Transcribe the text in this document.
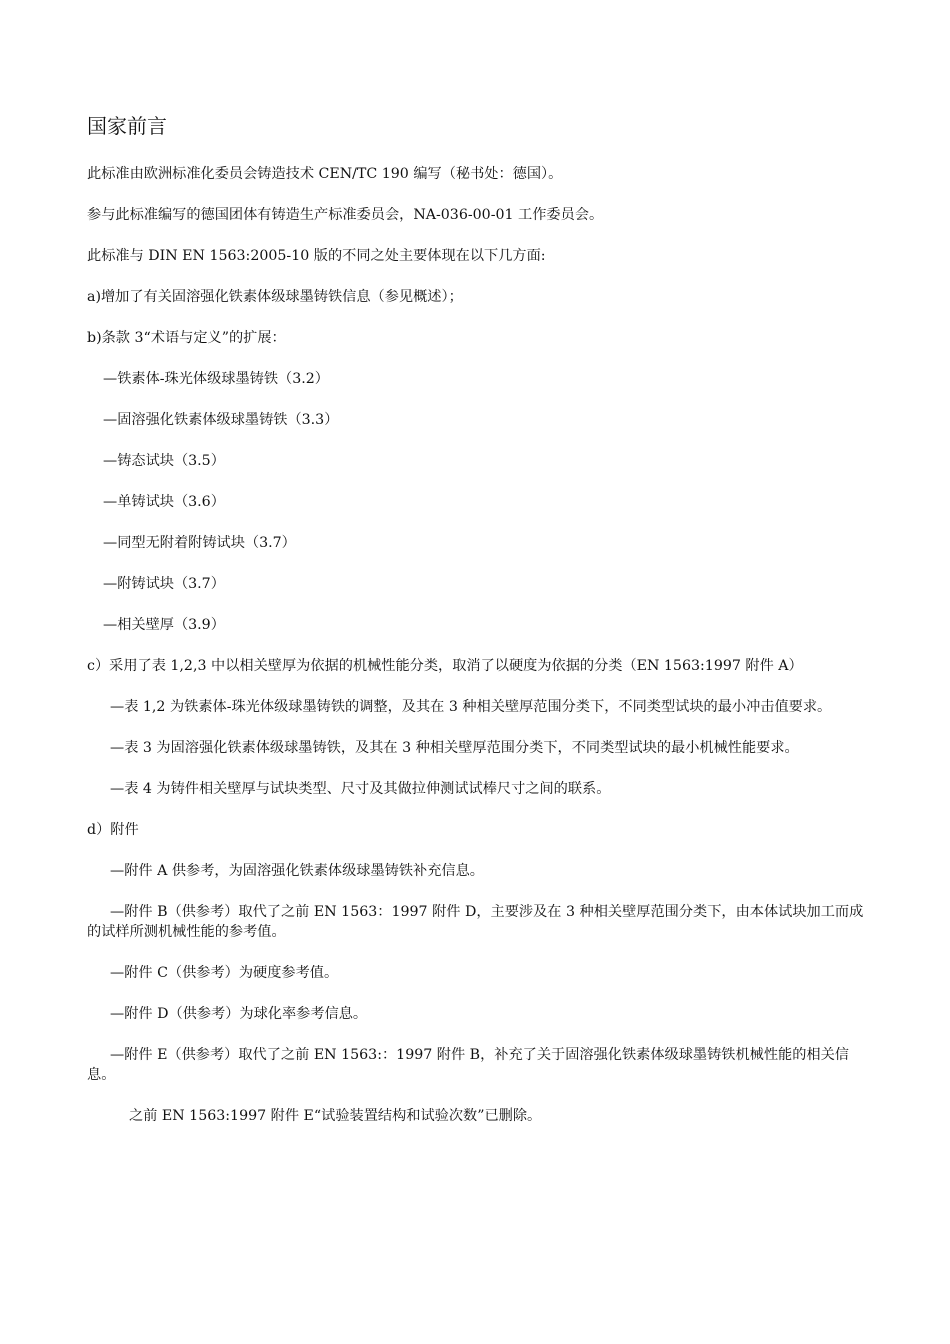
国家前言
此标准由欧洲标准化委员会铸造技术 CEN/TC 190 编写（秘书处：德国）。
参与此标准编写的德国团体有铸造生产标准委员会，NA-036-00-01 工作委员会。
此标准与 DIN EN 1563:2005-10 版的不同之处主要体现在以下几方面:
a)增加了有关固溶强化铁素体级球墨铸铁信息（参见概述）；
b)条款 3“术语与定义”的扩展：
—铁素体-珠光体级球墨铸铁（3.2）
—固溶强化铁素体级球墨铸铁（3.3）
—铸态试块（3.5）
—单铸试块（3.6）
—同型无附着附铸试块（3.7）
—附铸试块（3.7）
—相关壁厚（3.9）
c）采用了表 1,2,3 中以相关壁厚为依据的机械性能分类，取消了以硬度为依据的分类（EN 1563:1997 附件 A）
—表 1,2 为铁素体-珠光体级球墨铸铁的调整，及其在 3 种相关壁厚范围分类下，不同类型试块的最小冲击值要求。
—表 3 为固溶强化铁素体级球墨铸铁，及其在 3 种相关壁厚范围分类下，不同类型试块的最小机械性能要求。
—表 4 为铸件相关壁厚与试块类型、尺寸及其做拉伸测试试棒尺寸之间的联系。
d）附件
—附件 A 供参考，为固溶强化铁素体级球墨铸铁补充信息。
—附件 B（供参考）取代了之前 EN 1563：1997 附件 D，主要涉及在 3 种相关壁厚范围分类下，由本体试块加工而成的试样所测机械性能的参考值。
—附件 C（供参考）为硬度参考值。
—附件 D（供参考）为球化率参考信息。
—附件 E（供参考）取代了之前 EN 1563:：1997 附件 B，补充了关于固溶强化铁素体级球墨铸铁机械性能的相关信息。
之前 EN 1563:1997 附件 E“试验装置结构和试验次数”已删除。
